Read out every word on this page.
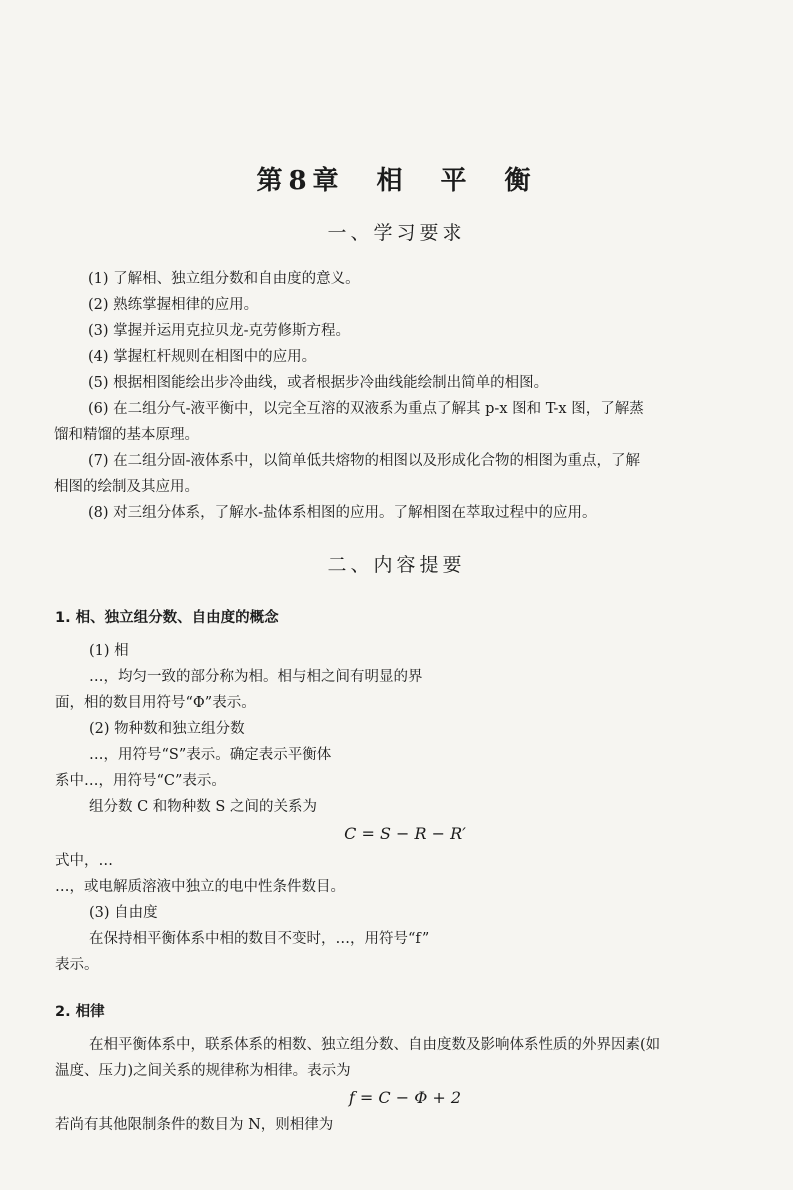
第8章　相　平　衡
一、学习要求
(1) 了解相、独立组分数和自由度的意义。
(2) 熟练掌握相律的应用。
(3) 掌握并运用克拉贝龙-克劳修斯方程。
(4) 掌握杠杆规则在相图中的应用。
(5) 根据相图能绘出步冷曲线，或者根据步冷曲线能绘制出简单的相图。
(6) 在二组分气-液平衡中，以完全互溶的双液系为重点了解其 p-x 图和 T-x 图，了解蒸
馏和精馏的基本原理。
(7) 在二组分固-液体系中，以简单低共熔物的相图以及形成化合物的相图为重点，了解
相图的绘制及其应用。
(8) 对三组分体系，了解水-盐体系相图的应用。了解相图在萃取过程中的应用。
二、内容提要
1. 相、独立组分数、自由度的概念
(1) 相
…，均匀一致的部分称为相。相与相之间有明显的界
面，相的数目用符号“Φ”表示。
(2) 物种数和独立组分数
…，用符号“S”表示。确定表示平衡体
系中…，用符号“C”表示。
组分数 C 和物种数 S 之间的关系为
C = S − R − R′
式中，…
…，或电解质溶液中独立的电中性条件数目。
(3) 自由度
在保持相平衡体系中相的数目不变时，…，用符号“f”
表示。
2. 相律
在相平衡体系中，联系体系的相数、独立组分数、自由度数及影响体系性质的外界因素(如
温度、压力)之间关系的规律称为相律。表示为
f = C − Φ + 2
若尚有其他限制条件的数目为 N，则相律为
